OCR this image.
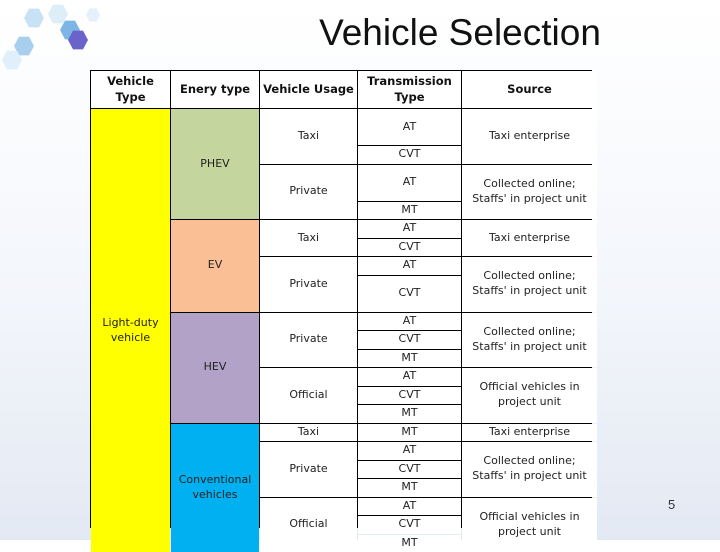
Vehicle Selection
Vehicle Type
Enery type	Vehicle Usage
Transmission Type
Source
Light-duty vehicle
PHEV
EV
HEV
Conventional vehicles
Taxi
Private
Taxi
Private
Private
Official
Taxi
Private
Official
AT
CVT
AT
MT
AT
CVT
AT
CVT
AT
CVT
MT
AT
CVT
MT
MT
AT
CVT
MT
AT
CVT
MT
Taxi enterprise
Collected online; Staffs' in project unit
Taxi enterprise
Collected online; Staffs' in project unit
Collected online; Staffs' in project unit
Official vehicles in project unit
Taxi enterprise
Collected online; Staffs' in project unit
Official vehicles in project unit
5
